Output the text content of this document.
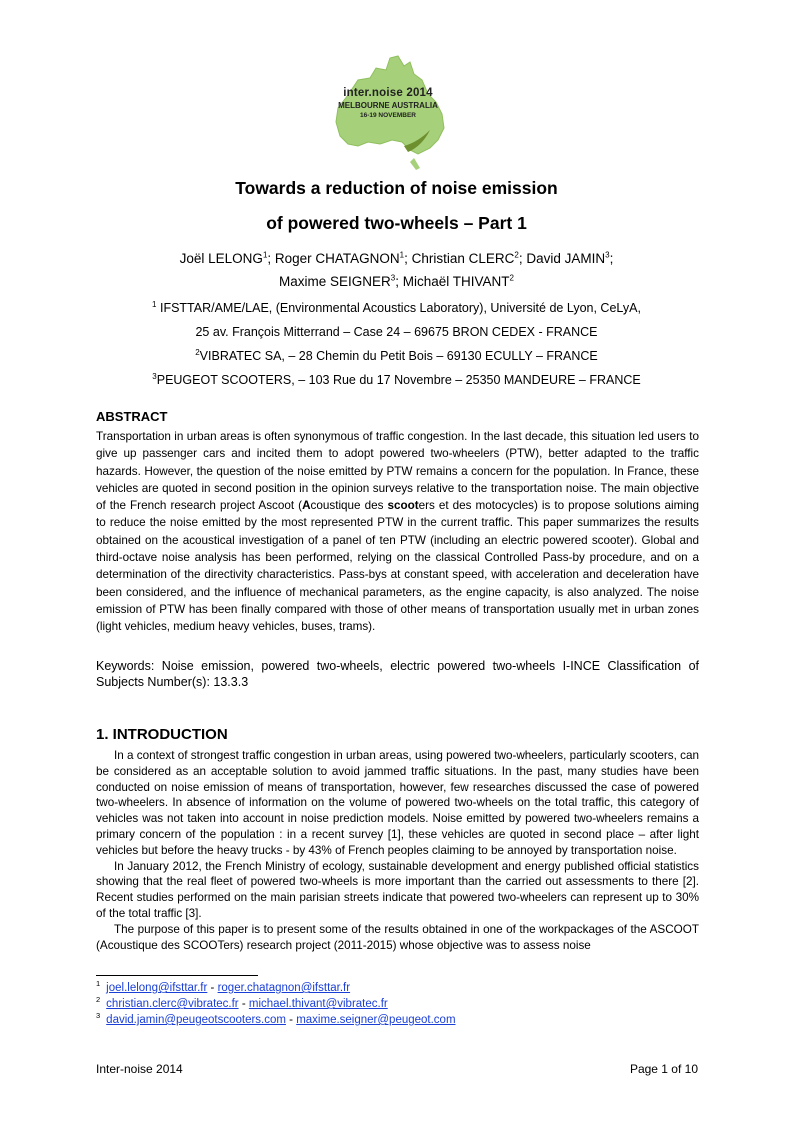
inter.noise 2014
MELBOURNE AUSTRALIA
16-19 NOVEMBER
Towards a reduction of noise emission
of powered two-wheels – Part 1
Joël LELONG$^1$; Roger CHATAGNON$^1$; Christian CLERC$^2$; David JAMIN$^3$;
Maxime SEIGNER$^3$; Michaël THIVANT$^2$
$^1$ IFSTTAR/AME/LAE, (Environmental Acoustics Laboratory), Université de Lyon, CeLyA,
25 av. François Mitterrand – Case 24 – 69675 BRON CEDEX - FRANCE
$^2$VIBRATEC SA, – 28 Chemin du Petit Bois – 69130 ECULLY – FRANCE
$^3$PEUGEOT SCOOTERS, – 103 Rue du 17 Novembre – 25350 MANDEURE – FRANCE
ABSTRACT
Transportation in urban areas is often synonymous of traffic congestion. In the last decade, this situation led users to give up passenger cars and incited them to adopt powered two-wheelers (PTW), better adapted to the traffic hazards. However, the question of the noise emitted by PTW remains a concern for the population. In France, these vehicles are quoted in second position in the opinion surveys relative to the transportation noise. The main objective of the French research project Ascoot (Acoustique des scooters et des motocycles) is to propose solutions aiming to reduce the noise emitted by the most represented PTW in the current traffic. This paper summarizes the results obtained on the acoustical investigation of a panel of ten PTW (including an electric powered scooter). Global and third-octave noise analysis has been performed, relying on the classical Controlled Pass-by procedure, and on a determination of the directivity characteristics. Pass-bys at constant speed, with acceleration and deceleration have been considered, and the influence of mechanical parameters, as the engine capacity, is also analyzed. The noise emission of PTW has been finally compared with those of other means of transportation usually met in urban zones (light vehicles, medium heavy vehicles, buses, trams).
Keywords: Noise emission, powered two-wheels, electric powered two-wheels I-INCE Classification of Subjects Number(s): 13.3.3
1. INTRODUCTION

In a context of strongest traffic congestion in urban areas, using powered two-wheelers, particularly scooters, can be considered as an acceptable solution to avoid jammed traffic situations. In the past, many studies have been conducted on noise emission of means of transportation, however, few researches discussed the case of powered two-wheelers. In absence of information on the volume of powered two-wheels on the total traffic, this category of vehicles was not taken into account in noise prediction models. Noise emitted by powered two-wheelers remains a primary concern of the population : in a recent survey [1], these vehicles are quoted in second place – after light vehicles but before the heavy trucks - by 43% of French peoples claiming to be annoyed by transportation noise.

In January 2012, the French Ministry of ecology, sustainable development and energy published official statistics showing that the real fleet of powered two-wheels is more important than the carried out assessments to there [2]. Recent studies performed on the main parisian streets indicate that powered two-wheelers can represent up to 30% of the total traffic [3].

The purpose of this paper is to present some of the results obtained in one of the workpackages of the ASCOOT (Acoustique des SCOOTers) research project (2011-2015) whose objective was to assess noise

$^1$ joel.lelong@ifsttar.fr - roger.chatagnon@ifsttar.fr
$^2$ christian.clerc@vibratec.fr - michael.thivant@vibratec.fr
$^3$ david.jamin@peugeotscooters.com - maxime.seigner@peugeot.com
Inter-noise 2014	Page 1 of 10
